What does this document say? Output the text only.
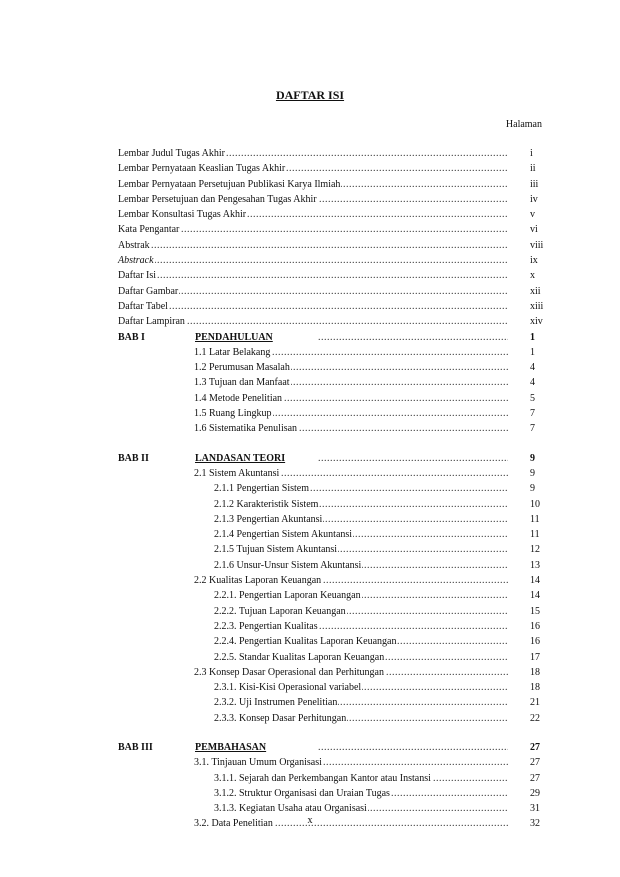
DAFTAR ISI
Halaman
.....
Lembar Judul Tugas Akhir	i
.....
Lembar Pernyataan Keaslian Tugas Akhir	ii
.....
Lembar Pernyataan Persetujuan Publikasi Karya Ilmiah	iii
.....
Lembar Persetujuan dan Pengesahan Tugas Akhir	iv
.....
Lembar Konsultasi Tugas Akhir	v
.....
Kata Pengantar	vi
.....
Abstrak	viii
.....
Abstrack	ix
.....
Daftar Isi	x
.....
Daftar Gambar	xii
.....
Daftar Tabel	xiii
.....
Daftar Lampiran	xiv
.....
BAB I	PENDAHULUAN	1
.....
1.1 Latar Belakang	1
.....
1.2 Perumusan Masalah	4
.....
1.3 Tujuan dan Manfaat	4
.....
1.4 Metode Penelitian	5
.....
1.5 Ruang Lingkup	7
.....
1.6 Sistematika Penulisan	7
.....
BAB II	LANDASAN TEORI	9
.....
2.1 Sistem Akuntansi	9
.....
2.1.1 Pengertian Sistem	9
.....
2.1.2 Karakteristik Sistem	10
.....
2.1.3 Pengertian Akuntansi	11
.....
2.1.4 Pengertian Sistem Akuntansi	11
.....
2.1.5 Tujuan Sistem Akuntansi	12
.....
2.1.6 Unsur-Unsur Sistem Akuntansi	13
.....
2.2 Kualitas Laporan Keuangan	14
.....
2.2.1. Pengertian Laporan Keuangan	14
.....
2.2.2. Tujuan Laporan Keuangan	15
.....
2.2.3. Pengertian Kualitas	16
.....
2.2.4. Pengertian Kualitas Laporan Keuangan	16
.....
2.2.5. Standar Kualitas Laporan Keuangan	17
.....
2.3 Konsep Dasar Operasional dan Perhitungan	18
.....
2.3.1. Kisi-Kisi Operasional variabel	18
.....
2.3.2. Uji Instrumen Penelitian	21
.....
2.3.3. Konsep Dasar Perhitungan	22
.....
BAB III	PEMBAHASAN	27
.....
3.1. Tinjauan Umum Organisasi	27
.....
3.1.1. Sejarah dan Perkembangan Kantor atau Instansi	27
.....
3.1.2. Struktur Organisasi dan Uraian Tugas	29
.....
3.1.3. Kegiatan Usaha atau Organisasi	31
.....
3.2. Data Penelitian	32
x
